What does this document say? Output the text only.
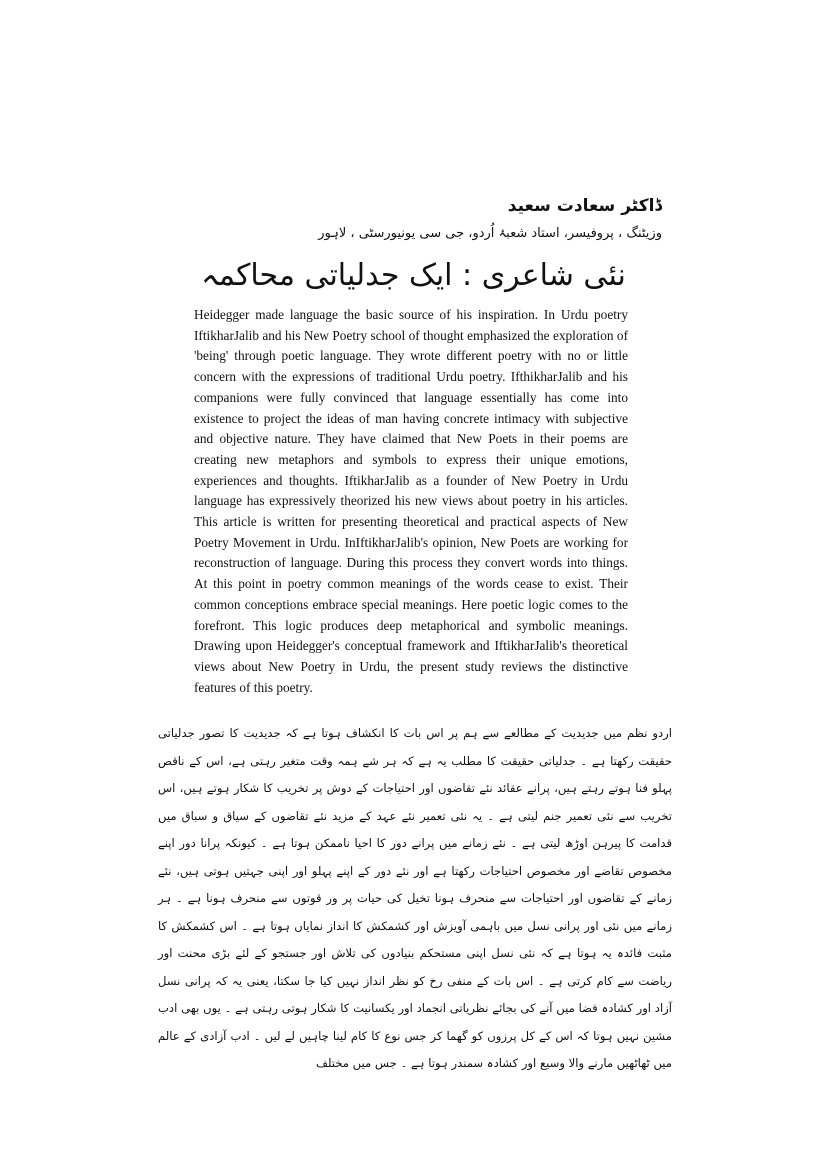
ڈاکٹر سعادت سعید
وزیٹنگ ، پروفیسر، استاد شعبۂ اُردو، جی سی یونیورسٹی ، لاہور
نئی شاعری : ایک جدلیاتی محاکمہ

Heidegger made language the basic source of his inspiration. In Urdu poetry IftikharJalib and his New Poetry school of thought emphasized the exploration of 'being' through poetic language. They wrote different poetry with no or little concern with the expressions of traditional Urdu poetry. IfthikharJalib and his companions were fully convinced that language essentially has come into existence to project the ideas of man having concrete intimacy with subjective and objective nature. They have claimed that New Poets in their poems are creating new metaphors and symbols to express their unique emotions, experiences and thoughts. IftikharJalib as a founder of New Poetry in Urdu language has expressively theorized his new views about poetry in his articles. This article is written for presenting theoretical and practical aspects of New Poetry Movement in Urdu. InIftikharJalib's opinion, New Poets are working for reconstruction of language. During this process they convert words into things. At this point in poetry common meanings of the words cease to exist. Their common conceptions embrace special meanings. Here poetic logic comes to the forefront. This logic produces deep metaphorical and symbolic meanings. Drawing upon Heidegger's conceptual framework and IftikharJalib's theoretical views about New Poetry in Urdu, the present study reviews the distinctive features of this poetry.

اردو نظم میں جدیدیت کے مطالعے سے ہم پر اس بات کا انکشاف ہوتا ہے کہ جدیدیت کا تصور جدلیاتی حقیقت رکھتا ہے ۔ جدلیاتی حقیقت کا مطلب یہ ہے کہ ہر شے ہمہ وقت متغیر رہتی ہے، اس کے ناقص پہلو فنا ہوتے رہتے ہیں، پرانے عقائد نئے تقاضوں اور احتیاجات کے دوش پر تخریب کا شکار ہوتے ہیں، اس تخریب سے نئی تعمیر جنم لیتی ہے ۔ یہ نئی تعمیر نئے عہد کے مزید نئے تقاضوں کے سیاق و سباق میں قدامت کا پیرہن اوڑھ لیتی ہے ۔ نئے زمانے میں پرانے دور کا احیا ناممکن ہوتا ہے ۔ کیونکہ پرانا دور اپنے مخصوص تقاضے اور مخصوص احتیاجات رکھتا ہے اور نئے دور کے اپنے پہلو اور اپنی جہتیں ہوتی ہیں، نئے زمانے کے تقاضوں اور احتیاجات سے منحرف ہونا تخیل کی حیات پر ور قوتوں سے منحرف ہونا ہے ۔ ہر زمانے میں نئی اور پرانی نسل میں باہمی آویزش اور کشمکش کا انداز نمایاں ہوتا ہے ۔ اس کشمکش کا مثبت فائدہ یہ ہوتا ہے کہ نئی نسل اپنی مستحکم بنیادوں کی تلاش اور جستجو کے لئے بڑی محنت اور ریاضت سے کام کرتی ہے ۔ اس بات کے منفی رخ کو نظر انداز نہیں کیا جا سکتا، یعنی یہ کہ پرانی نسل آزاد اور کشادہ فضا میں آنے کی بجائے نظریاتی انجماد اور یکسانیت کا شکار ہوتی رہتی ہے ۔ یوں بھی ادب مشین نہیں ہوتا کہ اس کے کل پرزوں کو گھما کر جس نوع کا کام لینا چاہیں لے لیں ۔ ادب آزادی کے عالم میں ٹھاٹھیں مارنے والا وسیع اور کشادہ سمندر ہوتا ہے ۔ جس میں مختلف
